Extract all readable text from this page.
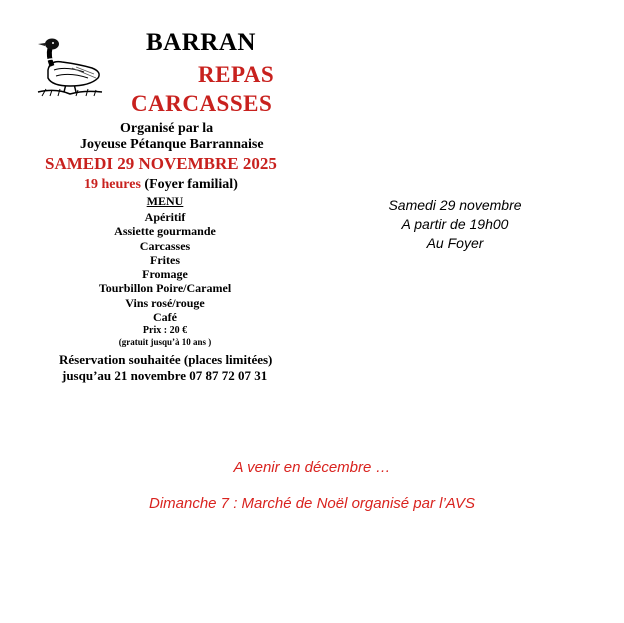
BARRAN
REPAS
CARCASSES
Organisé par la
Joyeuse Pétanque Barrannaise
SAMEDI 29 NOVEMBRE 2025
19 heures (Foyer familial)
MENU
Apéritif
Assiette gourmande
Carcasses
Frites
Fromage
Tourbillon Poire/Caramel
Vins rosé/rouge
Café
Prix : 20 €
(gratuit jusqu’à 10 ans )
Réservation souhaitée (places limitées)
jusqu’au 21 novembre 07 87 72 07 31
Samedi 29 novembre
A partir de 19h00
Au Foyer
A venir en décembre …
Dimanche 7 : Marché de Noël organisé par l’AVS
